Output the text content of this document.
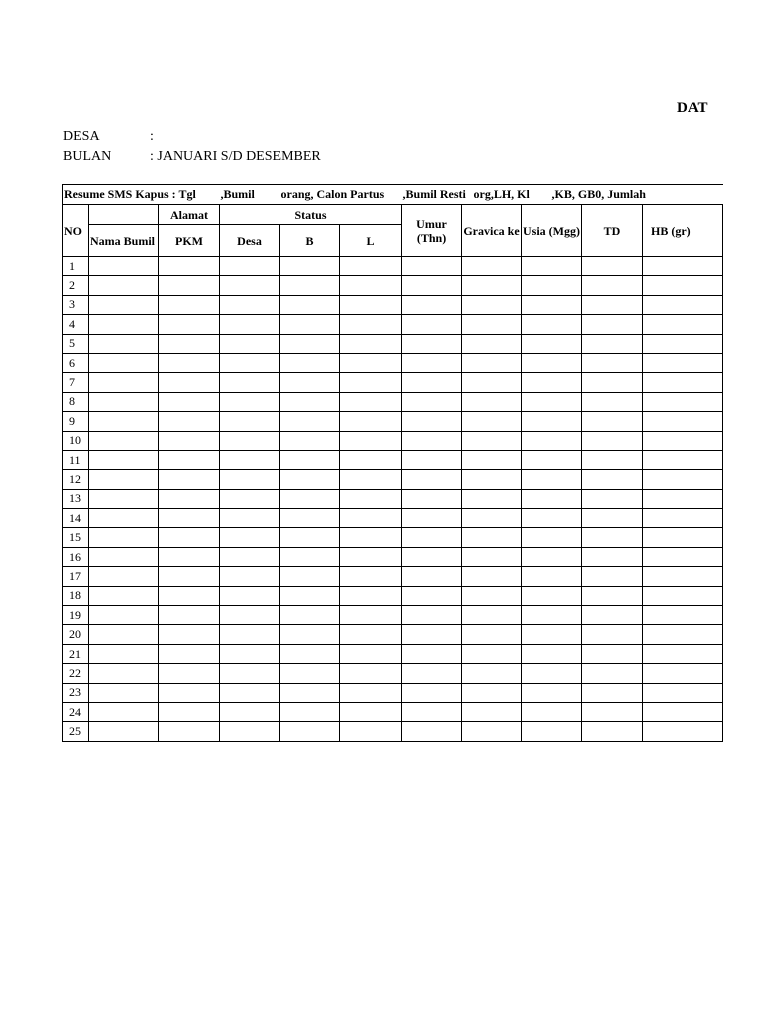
DAT
DESA	:
BULAN	: JANUARI S/D DESEMBER
Resume SMS Kapus : Tgl			,Bumil	orang, Calon Partus		,Bumil Resti	org,LH, Kl	,KB, GB0, Jumlah		
NO		Alamat	Status			Umur (Thn)	Gravica ke	Usia (Mgg)	TD	HB (gr)
	Nama Bumil	PKM	Desa	B	L					
1										
2										
3										
4										
5										
6										
7										
8										
9										
10										
11										
12										
13										
14										
15										
16										
17										
18										
19										
20										
21										
22										
23										
24										
25										
